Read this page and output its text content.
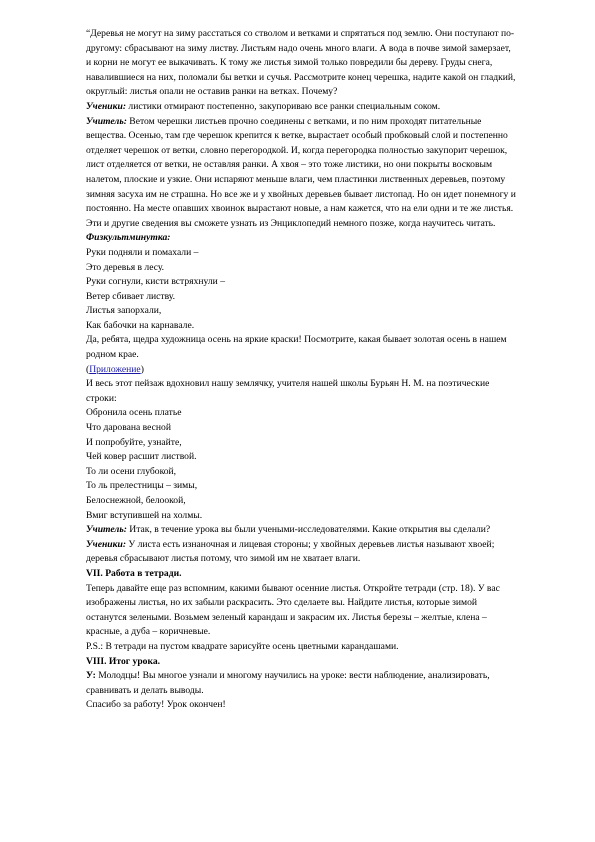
“Деревья не могут на зиму расстаться со стволом и ветками и спрятаться под землю. Они поступают по- другому: сбрасывают на зиму листву. Листьям надо очень много влаги. А вода в почве зимой замерзает, и корни не могут ее выкачивать. К тому же листья зимой только повредили бы дереву. Груды снега, навалившиеся на них, поломали бы ветки и сучья. Рассмотрите конец черешка, надите какой он гладкий, округлый: листья опали не оставив ранки на ветках. Почему?

Ученики: листики отмирают постепенно, закупориваю все ранки специальным соком.

Учитель: Ветом черешки листьев прочно соединены с ветками, и по ним проходят питательные вещества. Осенью, там где черешок крепится к ветке, вырастает особый пробковый слой и постепенно отделяет черешок от ветки, словно перегородкой. И, когда перегородка полностью закупорит черешок, лист отделяется от ветки, не оставляя ранки. А хвоя – это тоже листики, но они покрыты восковым налетом, плоские и узкие. Они испаряют меньше влаги, чем пластинки лиственных деревьев, поэтому зимняя засуха им не страшна. Но все же и у хвойных деревьев бывает листопад. Но он идет понемногу и постоянно. На месте опавших хвоинок вырастают новые, а нам кажется, что на ели одни и те же листья. Эти и другие сведения вы сможете узнать из Энциклопедий немного позже, когда научитесь читать.

Физкультминутка:

Руки подняли и помахали –

Это деревья в лесу.

Руки согнули, кисти встряхнули –

Ветер сбивает листву.

Листья запорхали,

Как бабочки на карнавале.

Да, ребята, щедра художница осень на яркие краски! Посмотрите, какая бывает золотая осень в нашем родном крае.

(Приложение)

И весь этот пейзаж вдохновил нашу землячку, учителя нашей школы Бурьян Н. М. на поэтические строки:

Обронила осень платье

Что дарована весной

И попробуйте, узнайте,

Чей ковер расшит листвой.

То ли осени глубокой,

То ль прелестницы – зимы,

Белоснежной, белоокой,

Вмиг вступившей на холмы.

Учитель: Итак, в течение урока вы были учеными-исследователями. Какие открытия вы сделали?

Ученики: У листа есть изнаночная и лицевая стороны; у хвойных деревьев листья называют хвоей; деревья сбрасывают листья потому, что зимой им не хватает влаги.

VII. Работа в тетради.

Теперь давайте еще раз вспомним, какими бывают осенние листья. Откройте тетради (стр. 18). У вас изображены листья, но их забыли раскрасить. Это сделаете вы. Найдите листья, которые зимой останутся зелеными. Возьмем зеленый карандаш и закрасим их. Листья березы – желтые, клена – красные, а дуба – коричневые.

P.S.: В тетради на пустом квадрате зарисуйте осень цветными карандашами.

VIII. Итог урока.

У: Молодцы! Вы многое узнали и многому научились на уроке: вести наблюдение, анализировать, сравнивать и делать выводы.

Спасибо за работу! Урок окончен!
